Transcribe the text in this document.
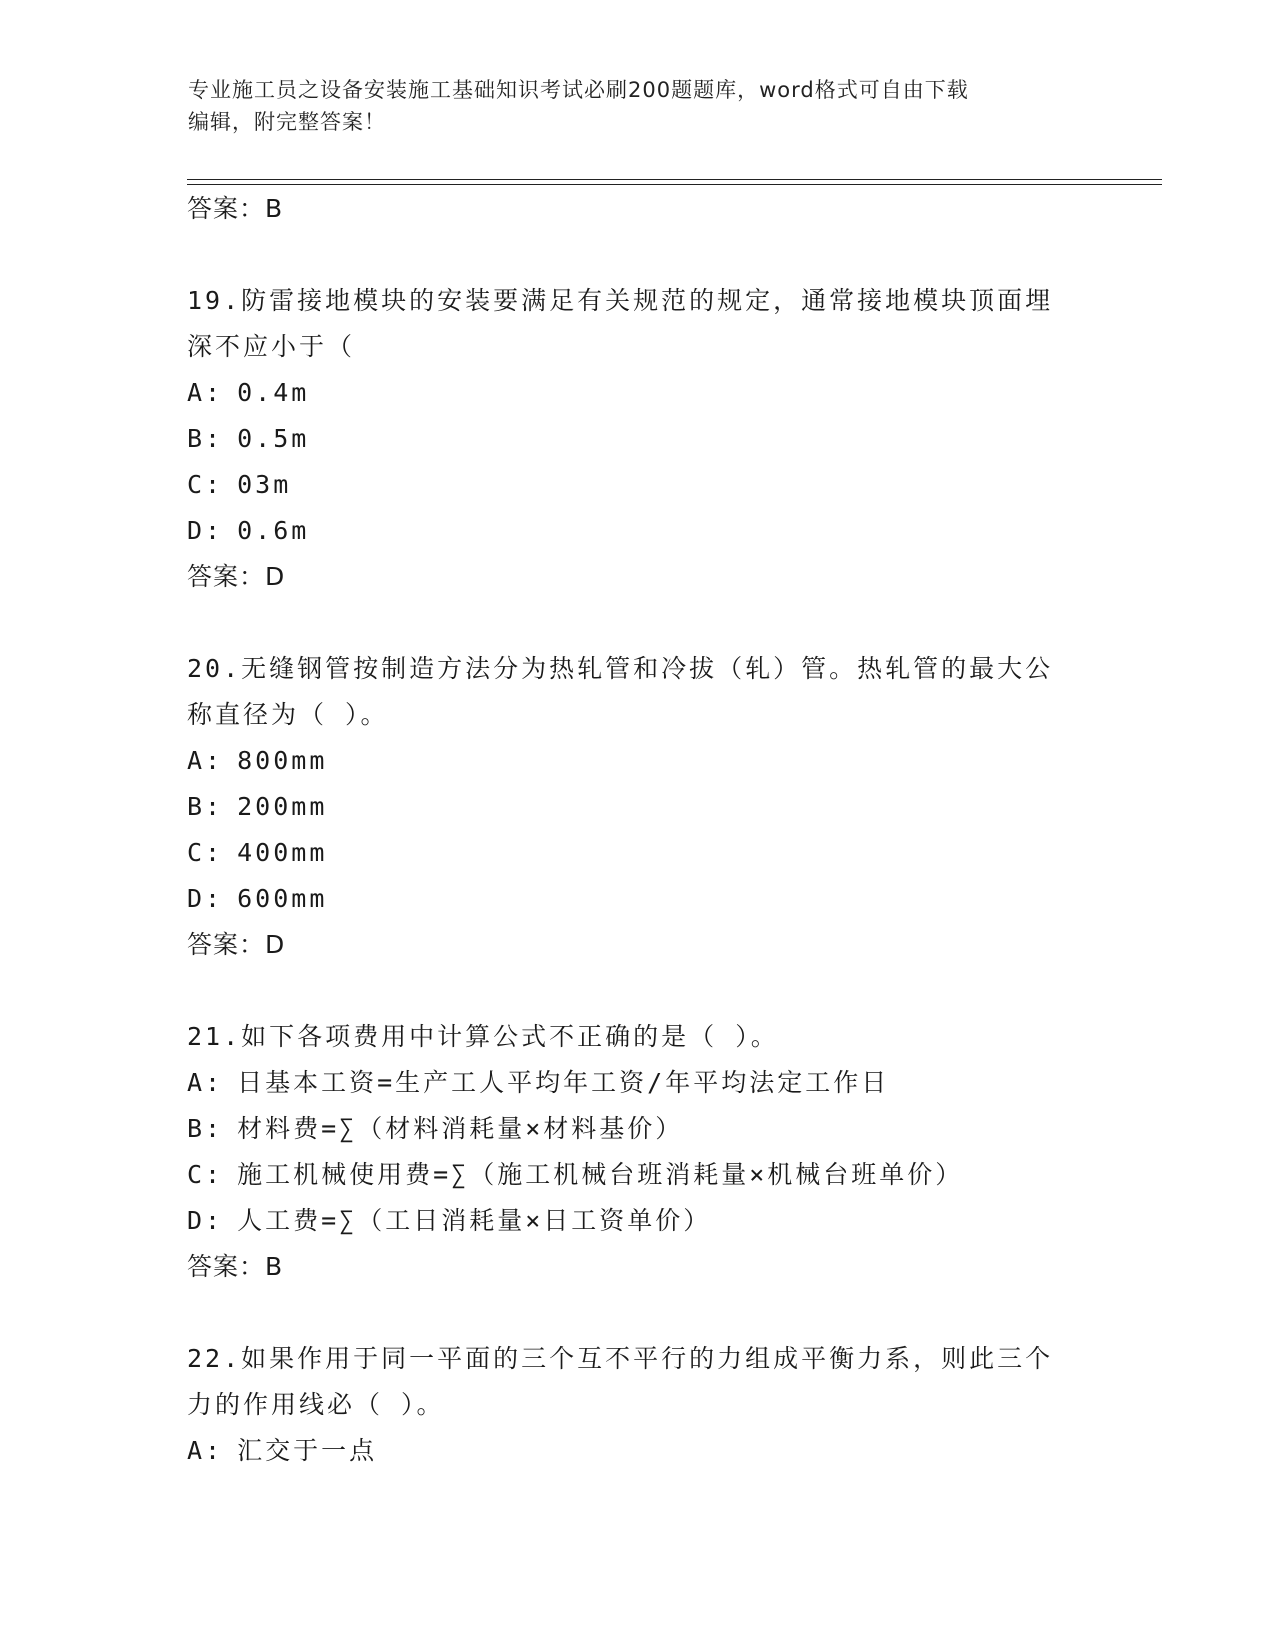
专业施工员之设备安装施工基础知识考试必刷200题题库，word格式可自由下载
编辑，附完整答案！
答案：B
19.防雷接地模块的安装要满足有关规范的规定，通常接地模块顶面埋
深不应小于（
A: 0.4m
B: 0.5m
C: 03m
D: 0.6m
答案：D
20.无缝钢管按制造方法分为热轧管和冷拔（轧）管。热轧管的最大公
称直径为（ ）。
A: 800mm
B: 200mm
C: 400mm
D: 600mm
答案：D
21.如下各项费用中计算公式不正确的是（ ）。
A: 日基本工资=生产工人平均年工资/年平均法定工作日
B: 材料费=∑（材料消耗量×材料基价）
C: 施工机械使用费=∑（施工机械台班消耗量×机械台班单价）
D: 人工费=∑（工日消耗量×日工资单价）
答案：B
22.如果作用于同一平面的三个互不平行的力组成平衡力系，则此三个
力的作用线必（ ）。
A: 汇交于一点
